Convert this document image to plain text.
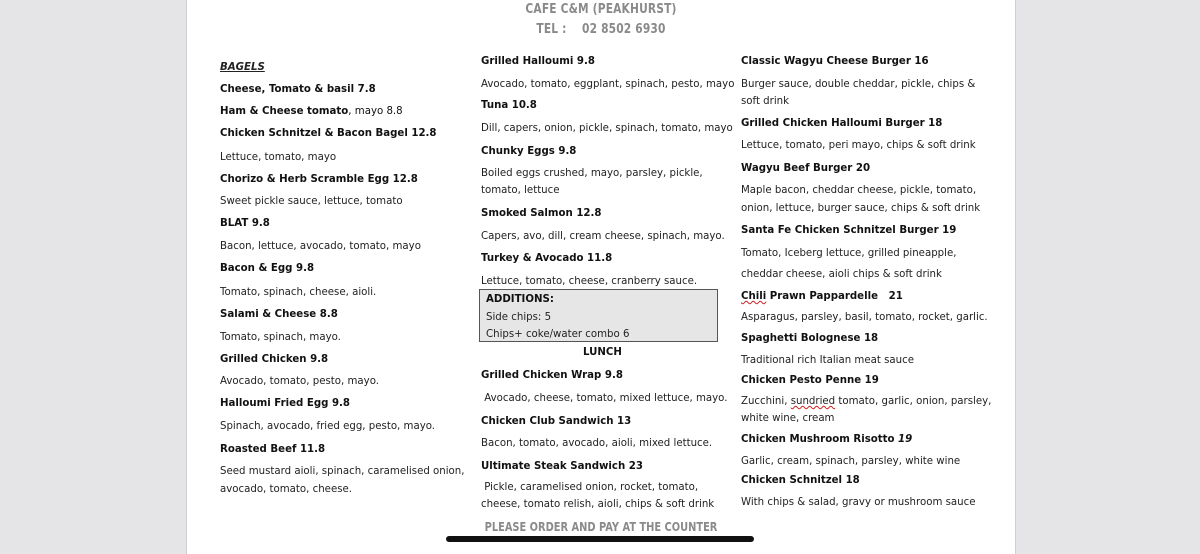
CAFE C&M (PEAKHURST)
TEL :    02 8502 6930
PLEASE ORDER AND PAY AT THE COUNTER
BAGELS
Cheese, Tomato & basil 7.8
Ham & Cheese tomato, mayo 8.8
Chicken Schnitzel & Bacon Bagel 12.8
Lettuce, tomato, mayo
Chorizo & Herb Scramble Egg 12.8
Sweet pickle sauce, lettuce, tomato
BLAT 9.8
Bacon, lettuce, avocado, tomato, mayo
Bacon & Egg 9.8
Tomato, spinach, cheese, aioli.
Salami & Cheese 8.8
Tomato, spinach, mayo.
Grilled Chicken 9.8
Avocado, tomato, pesto, mayo.
Halloumi Fried Egg 9.8
Spinach, avocado, fried egg, pesto, mayo.
Roasted Beef 11.8
Seed mustard aioli, spinach, caramelised onion,
avocado, tomato, cheese.
Grilled Halloumi 9.8
Avocado, tomato, eggplant, spinach, pesto, mayo
Tuna 10.8
Dill, capers, onion, pickle, spinach, tomato, mayo
Chunky Eggs 9.8
Boiled eggs crushed, mayo, parsley, pickle,
tomato, lettuce
Smoked Salmon 12.8
Capers, avo, dill, cream cheese, spinach, mayo.
Turkey & Avocado 11.8
Lettuce, tomato, cheese, cranberry sauce.
ADDITIONS:
Side chips: 5
Chips+ coke/water combo 6
LUNCH
Grilled Chicken Wrap 9.8
Avocado, cheese, tomato, mixed lettuce, mayo.
Chicken Club Sandwich 13
Bacon, tomato, avocado, aioli, mixed lettuce.
Ultimate Steak Sandwich 23
Pickle, caramelised onion, rocket, tomato,
cheese, tomato relish, aioli, chips & soft drink
Classic Wagyu Cheese Burger 16
Burger sauce, double cheddar, pickle, chips &
soft drink
Grilled Chicken Halloumi Burger 18
Lettuce, tomato, peri mayo, chips & soft drink
Wagyu Beef Burger 20
Maple bacon, cheddar cheese, pickle, tomato,
onion, lettuce, burger sauce, chips & soft drink
Santa Fe Chicken Schnitzel Burger 19
Tomato, Iceberg lettuce, grilled pineapple,
cheddar cheese, aioli chips & soft drink
Chili Prawn Pappardelle   21
Asparagus, parsley, basil, tomato, rocket, garlic.
Spaghetti Bolognese 18
Traditional rich Italian meat sauce
Chicken Pesto Penne 19
Zucchini, sundried tomato, garlic, onion, parsley,
white wine, cream
Chicken Mushroom Risotto 19
Garlic, cream, spinach, parsley, white wine
Chicken Schnitzel 18
With chips & salad, gravy or mushroom sauce
